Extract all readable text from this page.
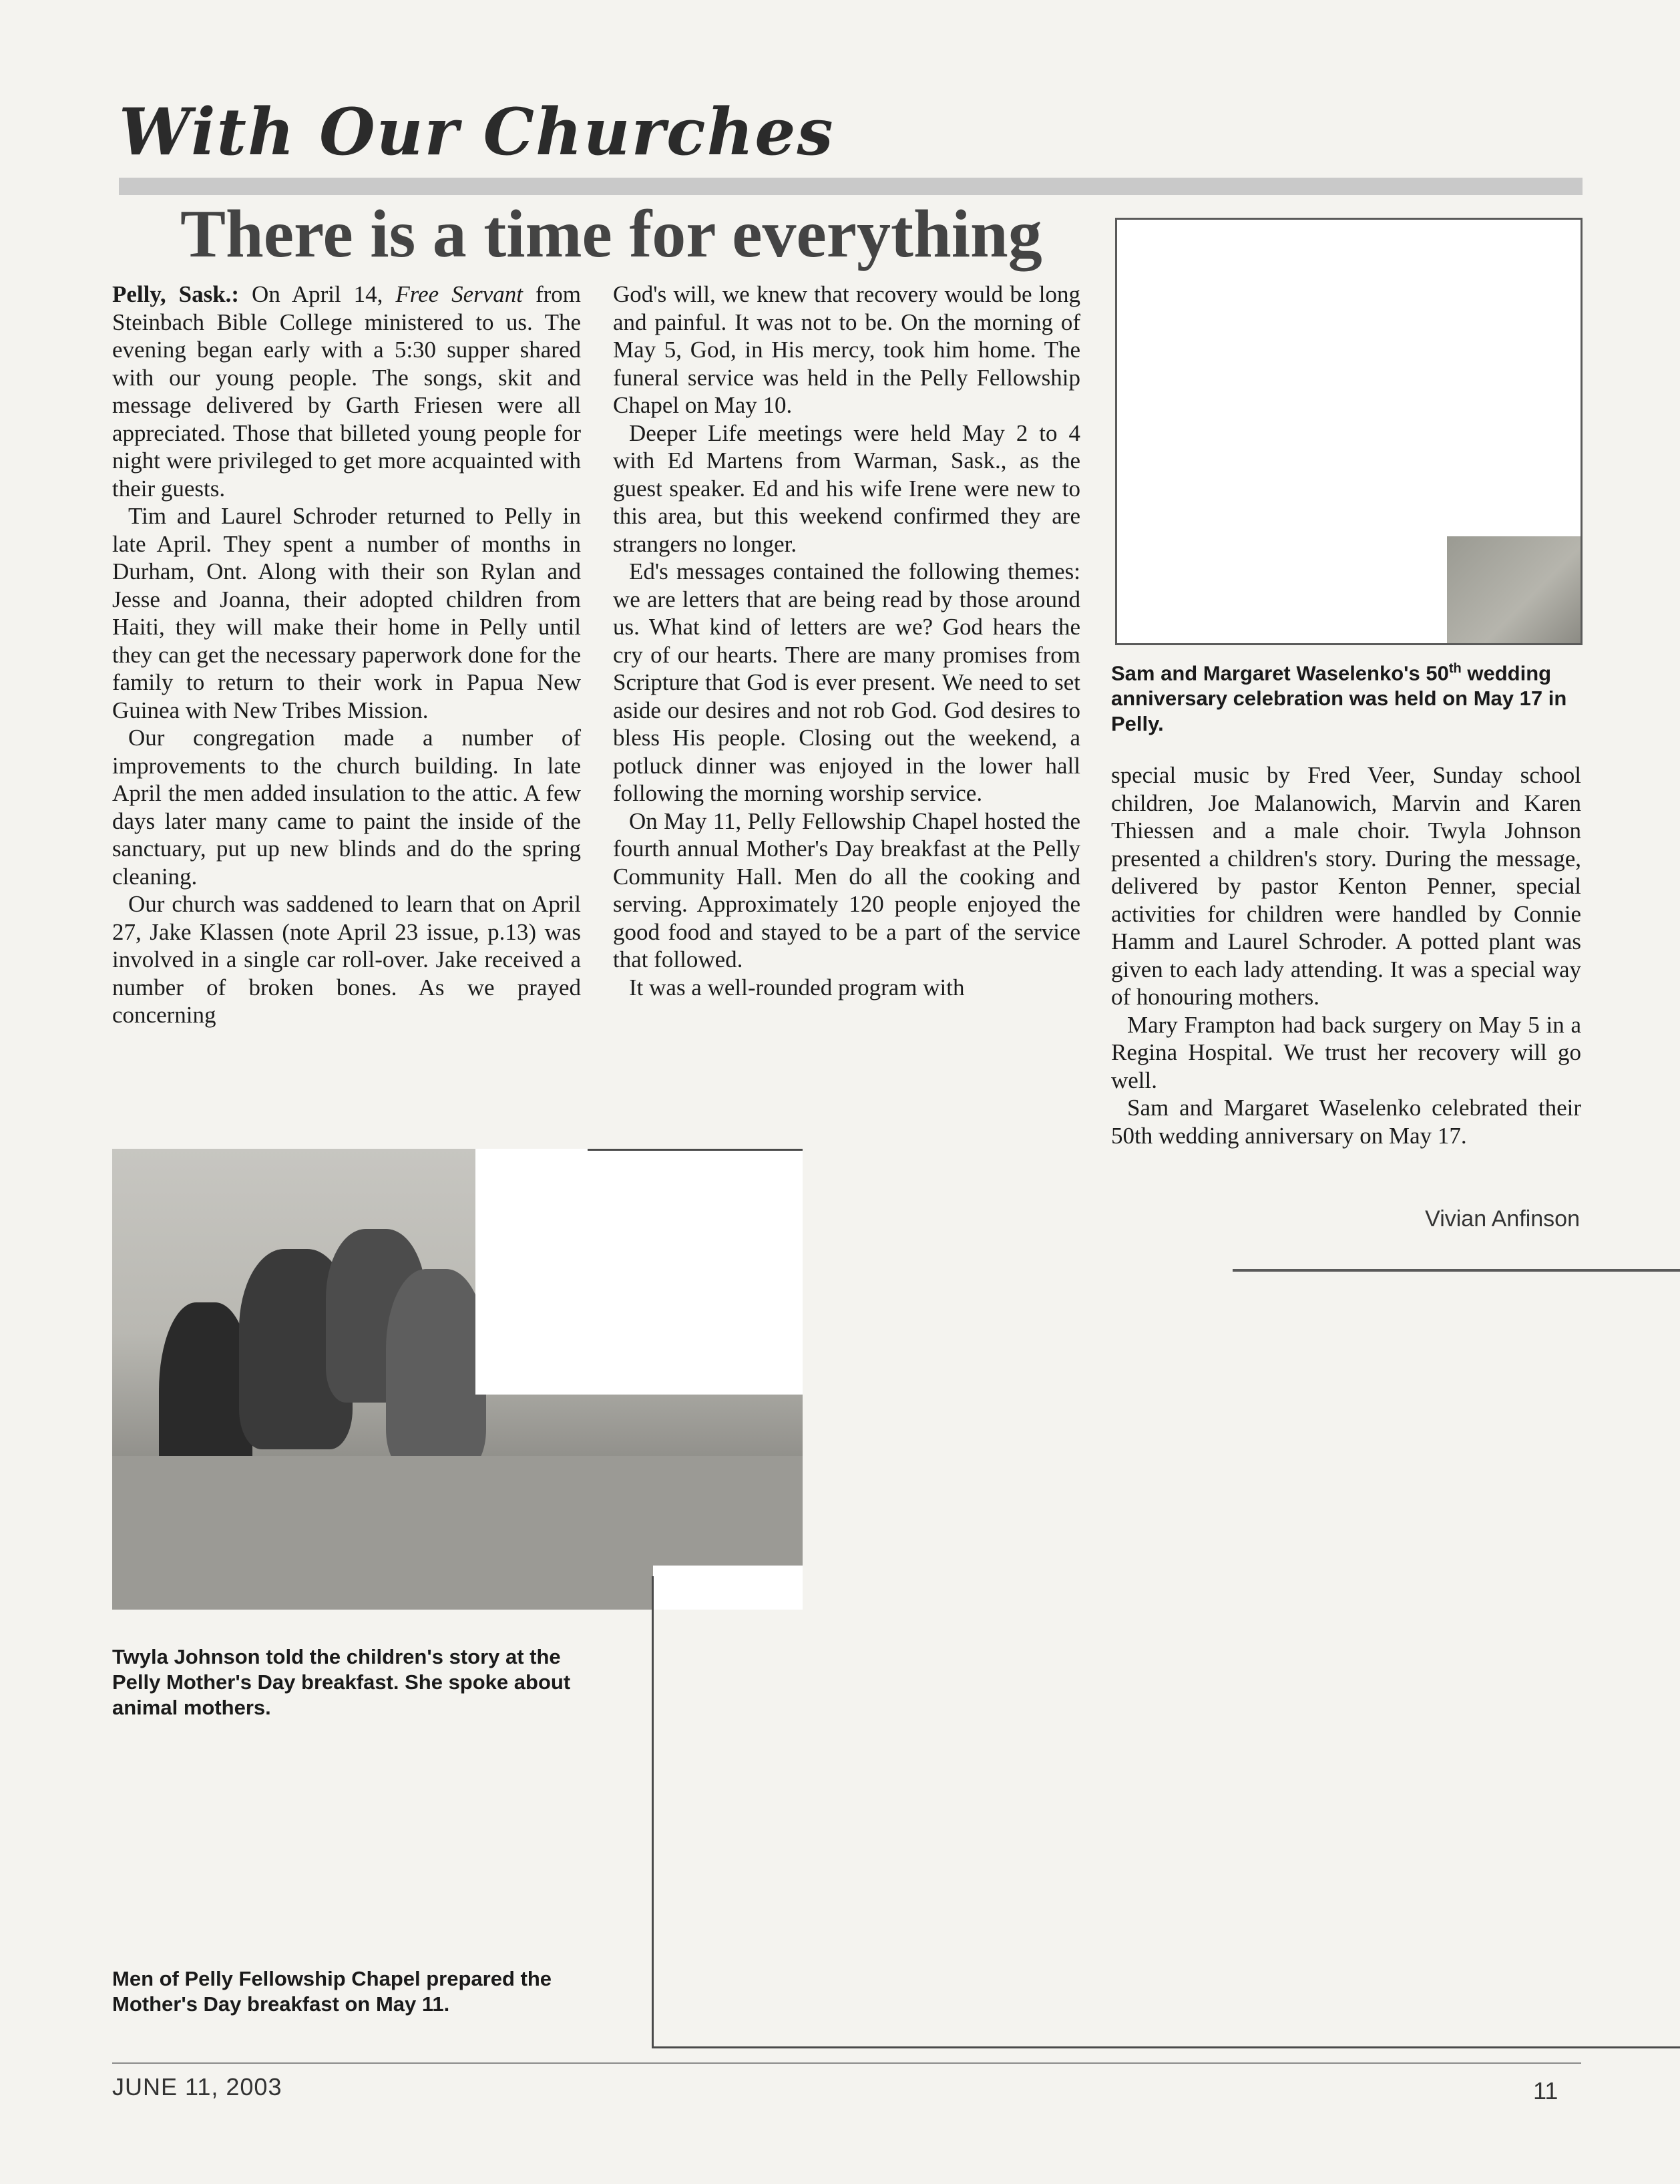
With Our Churches
There is a time for everything

Pelly, Sask.: On April 14, Free Servant from Steinbach Bible College ministered to us. The evening began early with a 5:30 supper shared with our young people. The songs, skit and message delivered by Garth Friesen were all appreciated. Those that billeted young people for night were privileged to get more acquainted with their guests.

Tim and Laurel Schroder returned to Pelly in late April. They spent a number of months in Durham, Ont. Along with their son Rylan and Jesse and Joanna, their adopted children from Haiti, they will make their home in Pelly until they can get the necessary paperwork done for the family to return to their work in Papua New Guinea with New Tribes Mission.

Our congregation made a number of improvements to the church building. In late April the men added insulation to the attic. A few days later many came to paint the inside of the sanctuary, put up new blinds and do the spring cleaning.

Our church was saddened to learn that on April 27, Jake Klassen (note April 23 issue, p.13) was involved in a single car roll-over. Jake received a number of broken bones. As we prayed concerning

God's will, we knew that recovery would be long and painful. It was not to be. On the morning of May 5, God, in His mercy, took him home. The funeral service was held in the Pelly Fellowship Chapel on May 10.

Deeper Life meetings were held May 2 to 4 with Ed Martens from Warman, Sask., as the guest speaker. Ed and his wife Irene were new to this area, but this weekend confirmed they are strangers no longer.

Ed's messages contained the following themes: we are letters that are being read by those around us. What kind of letters are we? God hears the cry of our hearts. There are many promises from Scripture that God is ever present. We need to set aside our desires and not rob God. God desires to bless His people. Closing out the weekend, a potluck dinner was enjoyed in the lower hall following the morning worship service.

On May 11, Pelly Fellowship Chapel hosted the fourth annual Mother's Day breakfast at the Pelly Community Hall. Men do all the cooking and serving. Approximately 120 people enjoyed the good food and stayed to be a part of the service that followed.

It was a well-rounded program with

Sam and Margaret Waselenko's 50th wedding anniversary celebration was held on May 17 in Pelly.

special music by Fred Veer, Sunday school children, Joe Malanowich, Marvin and Karen Thiessen and a male choir. Twyla Johnson presented a children's story. During the message, delivered by pastor Kenton Penner, special activities for children were handled by Connie Hamm and Laurel Schroder. A potted plant was given to each lady attending. It was a special way of honouring mothers.

Mary Frampton had back surgery on May 5 in a Regina Hospital. We trust her recovery will go well.

Sam and Margaret Waselenko celebrated their 50th wedding anniversary on May 17.

Vivian Anfinson
Twyla Johnson told the children's story at the Pelly Mother's Day breakfast. She spoke about animal mothers.
Men of Pelly Fellowship Chapel prepared the Mother's Day breakfast on May 11.
JUNE 11, 2003	11
